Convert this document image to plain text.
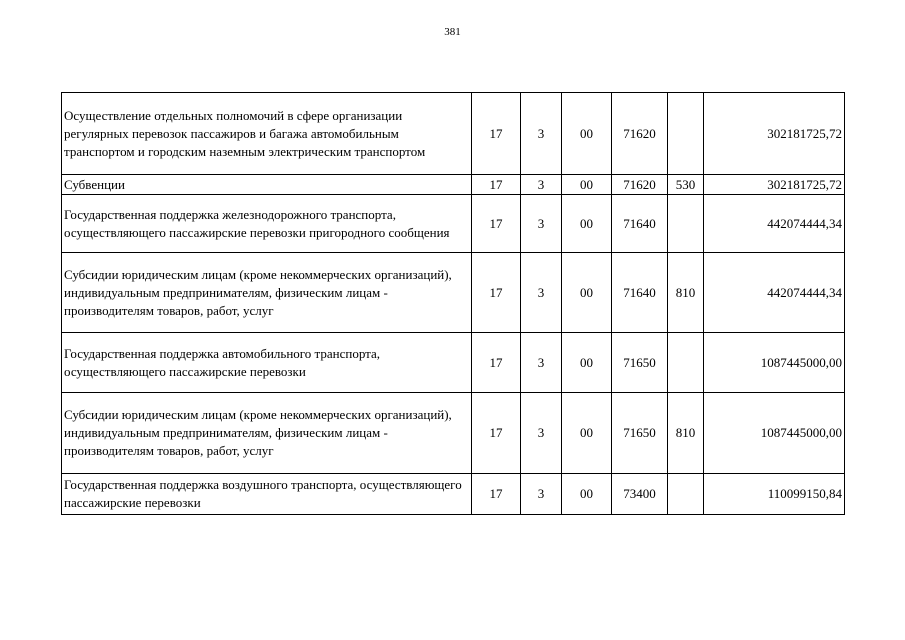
381
Осуществление отдельных полномочий в сфере организации регулярных перевозок пассажиров и багажа автомобильным транспортом и городским наземным электрическим транспортом	17	3	00	71620		302181725,72
Субвенции	17	3	00	71620	530	302181725,72
Государственная поддержка железнодорожного транспорта, осуществляющего пассажирские перевозки пригородного сообщения	17	3	00	71640		442074444,34
Субсидии юридическим лицам (кроме некоммерческих организаций), индивидуальным предпринимателям, физическим лицам - производителям товаров, работ, услуг	17	3	00	71640	810	442074444,34
Государственная поддержка автомобильного транспорта, осуществляющего пассажирские перевозки	17	3	00	71650		1087445000,00
Субсидии юридическим лицам (кроме некоммерческих организаций), индивидуальным предпринимателям, физическим лицам - производителям товаров, работ, услуг	17	3	00	71650	810	1087445000,00
Государственная поддержка воздушного транспорта, осуществляющего пассажирские перевозки	17	3	00	73400		110099150,84
